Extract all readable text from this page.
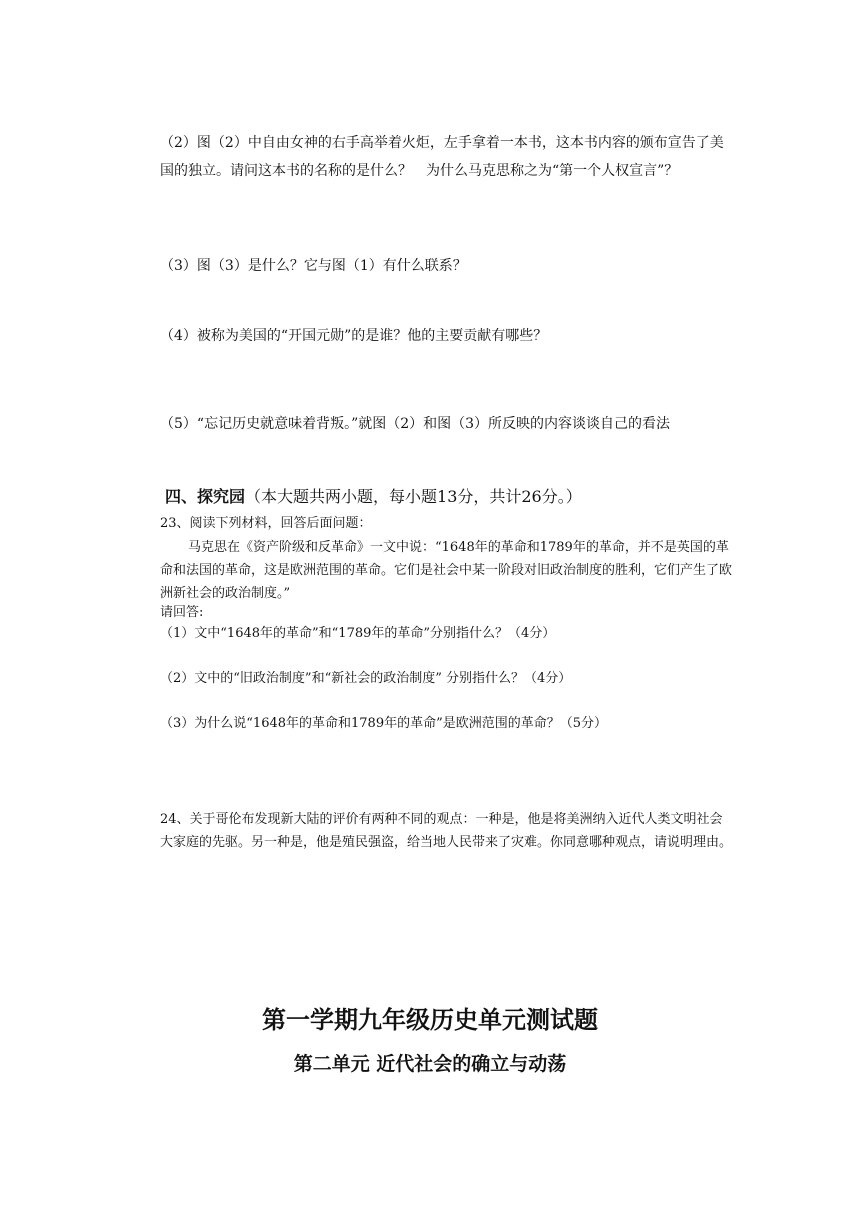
（2）图（2）中自由女神的右手高举着火炬，左手拿着一本书，这本书内容的颁布宣告了美国的独立。请问这本书的名称的是什么？　为什么马克思称之为“第一个人权宣言”？
（3）图（3）是什么？它与图（1）有什么联系？
（4）被称为美国的“开国元勋”的是谁？他的主要贡献有哪些？
（5）“忘记历史就意味着背叛。”就图（2）和图（3）所反映的内容谈谈自己的看法
四、探究园（本大题共两小题，每小题13分，共计26分。）
23、阅读下列材料，回答后面问题：
马克思在《资产阶级和反革命》一文中说：“1648年的革命和1789年的革命，并不是英国的革命和法国的革命，这是欧洲范围的革命。它们是社会中某一阶段对旧政治制度的胜利，它们产生了欧洲新社会的政治制度。”
请回答:
（1）文中“1648年的革命”和“1789年的革命”分别指什么？（4分）
（2）文中的“旧政治制度”和“新社会的政治制度” 分别指什么？（4分）
（3）为什么说“1648年的革命和1789年的革命”是欧洲范围的革命？（5分）
24、关于哥伦布发现新大陆的评价有两种不同的观点：一种是，他是将美洲纳入近代人类文明社会大家庭的先驱。另一种是，他是殖民强盗，给当地人民带来了灾难。你同意哪种观点，请说明理由。
第一学期九年级历史单元测试题
第二单元 近代社会的确立与动荡
